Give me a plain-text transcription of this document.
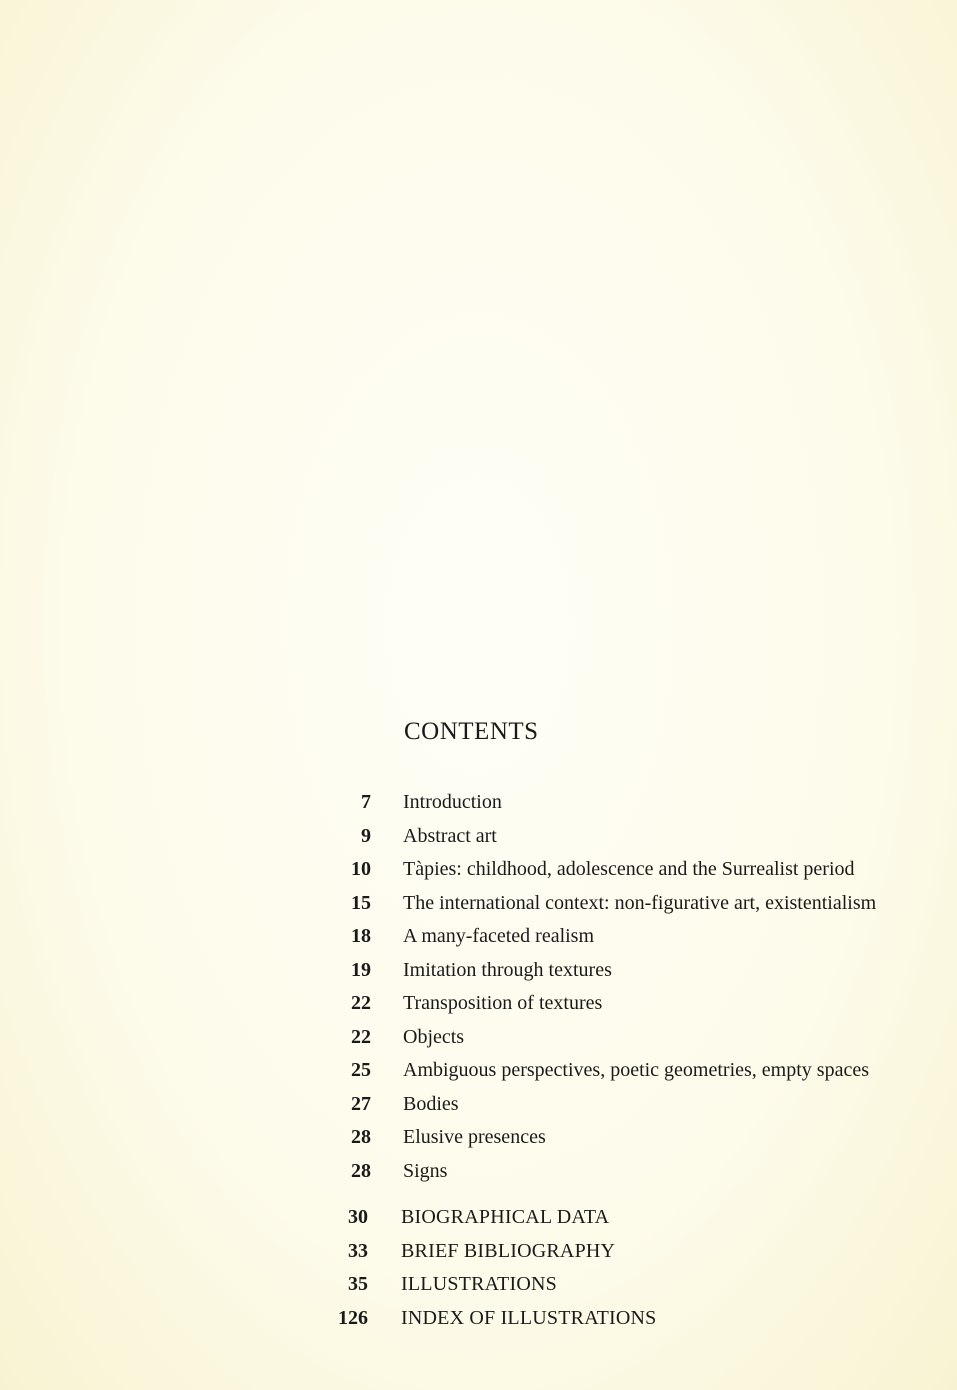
CONTENTS
7 Introduction
9 Abstract art
10 Tàpies: childhood, adolescence and the Surrealist period
15 The international context: non-figurative art, existentialism
18 A many-faceted realism
19 Imitation through textures
22 Transposition of textures
22 Objects
25 Ambiguous perspectives, poetic geometries, empty spaces
27 Bodies
28 Elusive presences
28 Signs
30 BIOGRAPHICAL DATA
33 BRIEF BIBLIOGRAPHY
35 ILLUSTRATIONS
126 INDEX OF ILLUSTRATIONS
